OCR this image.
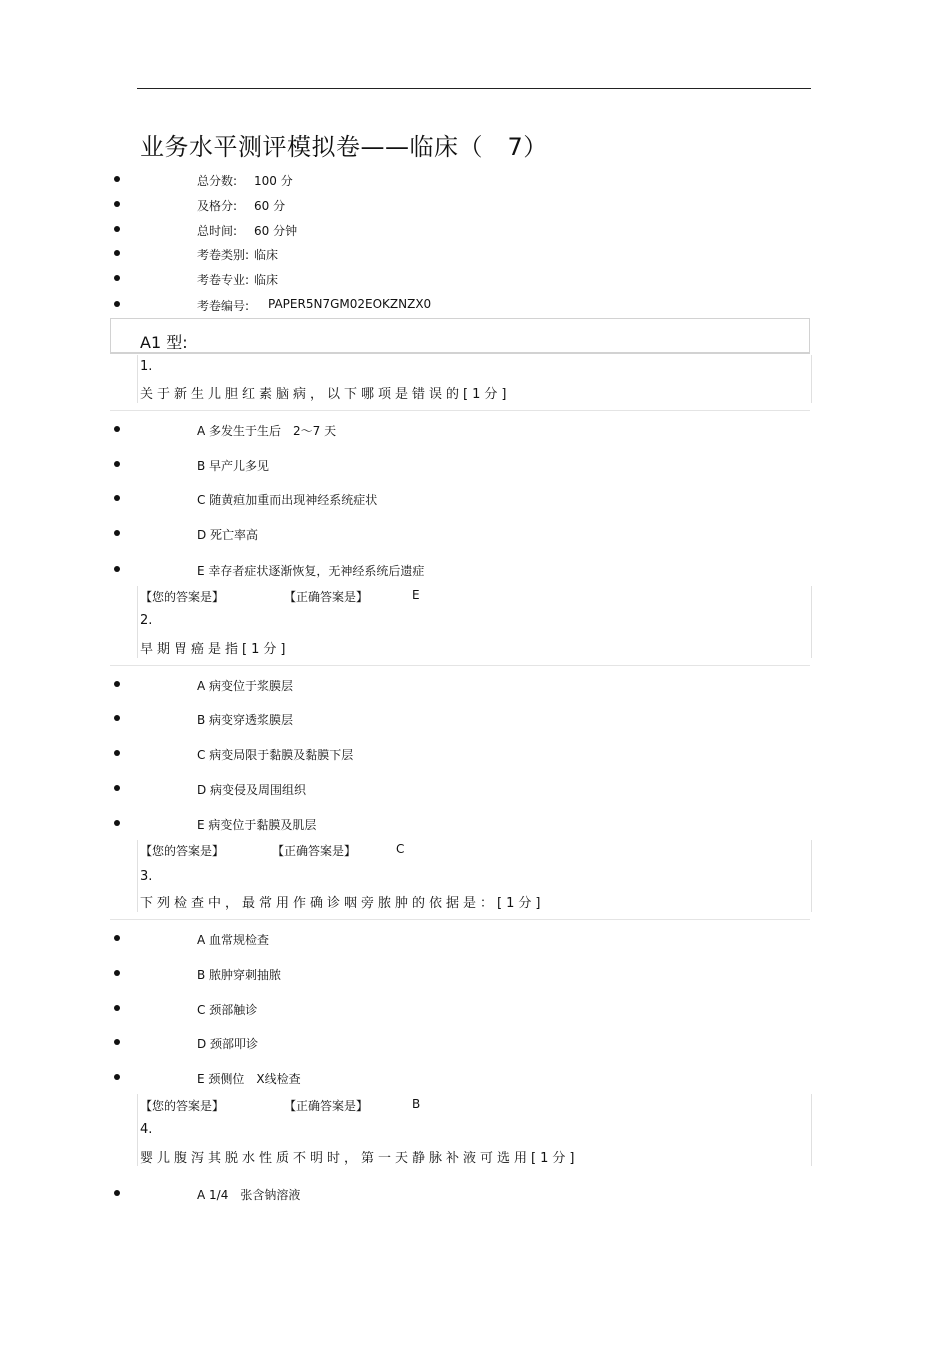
业务水平测评模拟卷——临床（　7）
总分数: 100 分
及格分: 60 分
总时间: 60 分钟
考卷类别: 临床
考卷专业: 临床
考卷编号: PAPER5N7GM02EOKZNZX0
A1 型:
1.
关于新生儿胆红素脑病，以下哪项是错误的[1分]
A 多发生于生后　2～7 天
B 早产儿多见
C 随黄疸加重而出现神经系统症状
D 死亡率高
E 幸存者症状逐渐恢复，无神经系统后遗症
【您的答案是】	【正确答案是】	E
2.
早期胃癌是指[1分]
A 病变位于浆膜层
B 病变穿透浆膜层
C 病变局限于黏膜及黏膜下层
D 病变侵及周围组织
E 病变位于黏膜及肌层
【您的答案是】	【正确答案是】	C
3.
下列检查中，最常用作确诊咽旁脓肿的依据是：[1分]
A 血常规检查
B 脓肿穿刺抽脓
C 颈部触诊
D 颈部叩诊
E 颈侧位　X线检查
【您的答案是】	【正确答案是】	B
4.
婴儿腹泻其脱水性质不明时，第一天静脉补液可选用[1分]
A 1/4　张含钠溶液
